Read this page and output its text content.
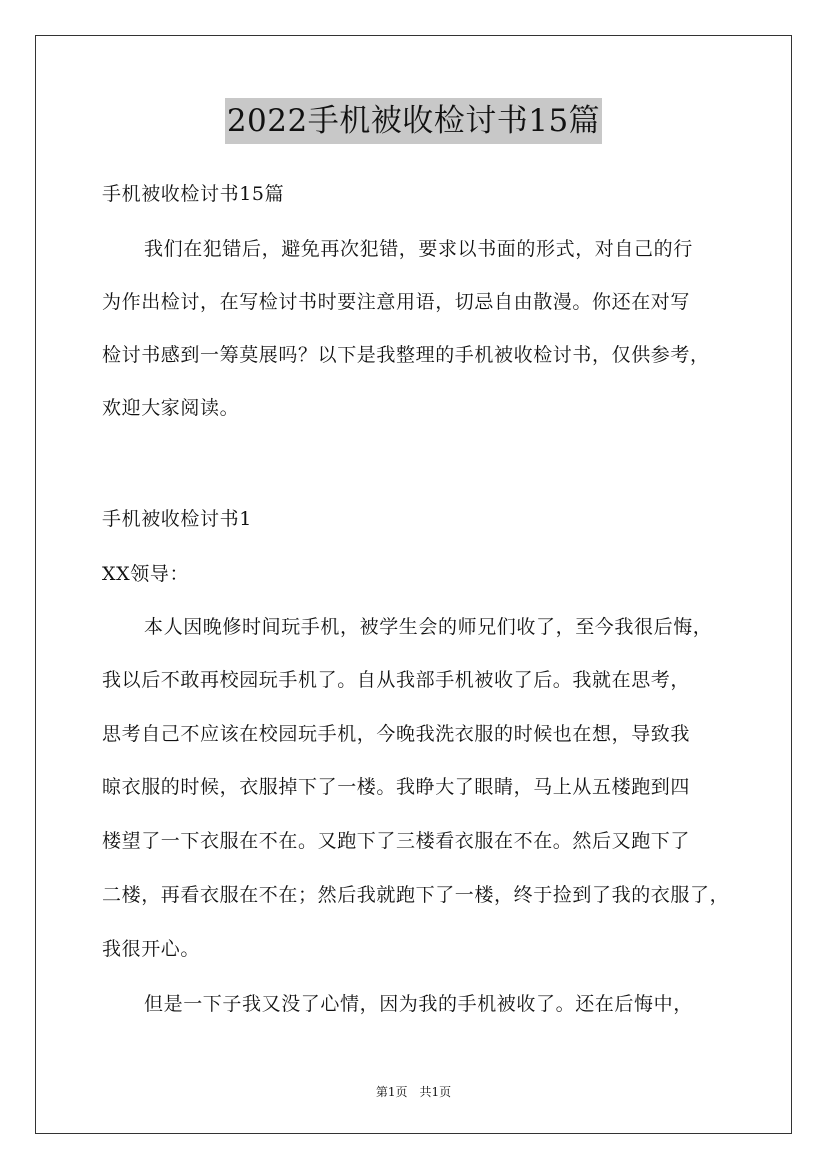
2022手机被收检讨书15篇
手机被收检讨书15篇
我们在犯错后，避免再次犯错，要求以书面的形式，对自己的行
为作出检讨，在写检讨书时要注意用语，切忌自由散漫。你还在对写
检讨书感到一筹莫展吗？以下是我整理的手机被收检讨书，仅供参考，
欢迎大家阅读。
手机被收检讨书1
XX领导：
本人因晚修时间玩手机，被学生会的师兄们收了，至今我很后悔，
我以后不敢再校园玩手机了。自从我部手机被收了后。我就在思考，
思考自己不应该在校园玩手机，今晚我洗衣服的时候也在想，导致我
晾衣服的时候，衣服掉下了一楼。我睁大了眼睛，马上从五楼跑到四
楼望了一下衣服在不在。又跑下了三楼看衣服在不在。然后又跑下了
二楼，再看衣服在不在；然后我就跑下了一楼，终于捡到了我的衣服了，
我很开心。
但是一下子我又没了心情，因为我的手机被收了。还在后悔中，
第1页　共1页
